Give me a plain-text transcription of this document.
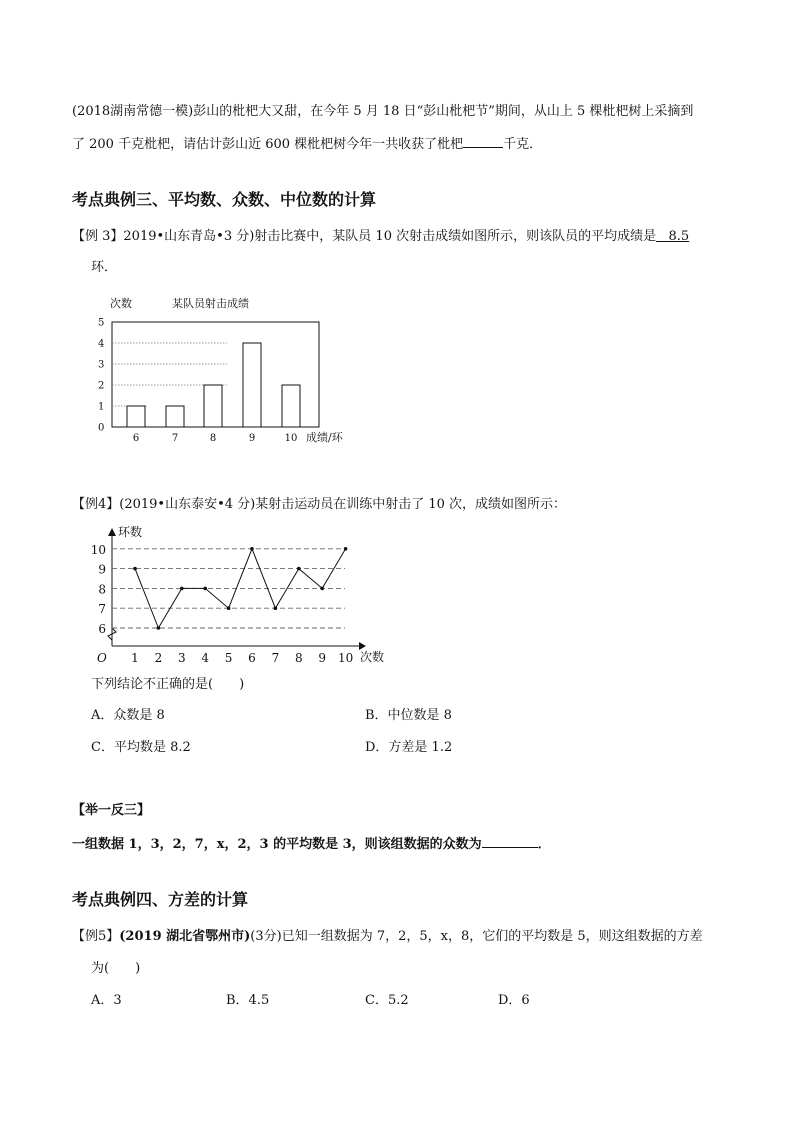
(2018湖南常德一模)彭山的枇杷大又甜，在今年 5 月 18 日“彭山枇杷节”期间，从山上 5 棵枇杷树上采摘到
了 200 千克枇杷，请估计彭山近 600 棵枇杷树今年一共收获了枇杷	千克．
考点典例三、平均数、众数、中位数的计算
【例 3】2019•山东青岛•3 分)射击比赛中，某队员 10 次射击成绩如图所示，则该队员的平均成绩是 8.5
环．
0
1
2
3
4
5
6	7	8	9	10
次数	某队员射击成绩
成绩/环
【例4】(2019•山东泰安•4 分)某射击运动员在训练中射击了 10 次，成绩如图所示：
6
7
8
9
10
1 2 3 4 5 6 7 8 9 10
O
环数
次数
下列结论不正确的是(　　)
A．众数是 8	B．中位数是 8
C．平均数是 8.2	D．方差是 1.2
【举一反三】
一组数据 1，3，2，7，x，2，3 的平均数是 3，则该组数据的众数为	．
考点典例四、方差的计算
【例5】(2019 湖北省鄂州市)(3分)已知一组数据为 7，2，5，x，8，它们的平均数是 5，则这组数据的方差
为(　　)
A．3	B．4.5	C．5.2	D．6
